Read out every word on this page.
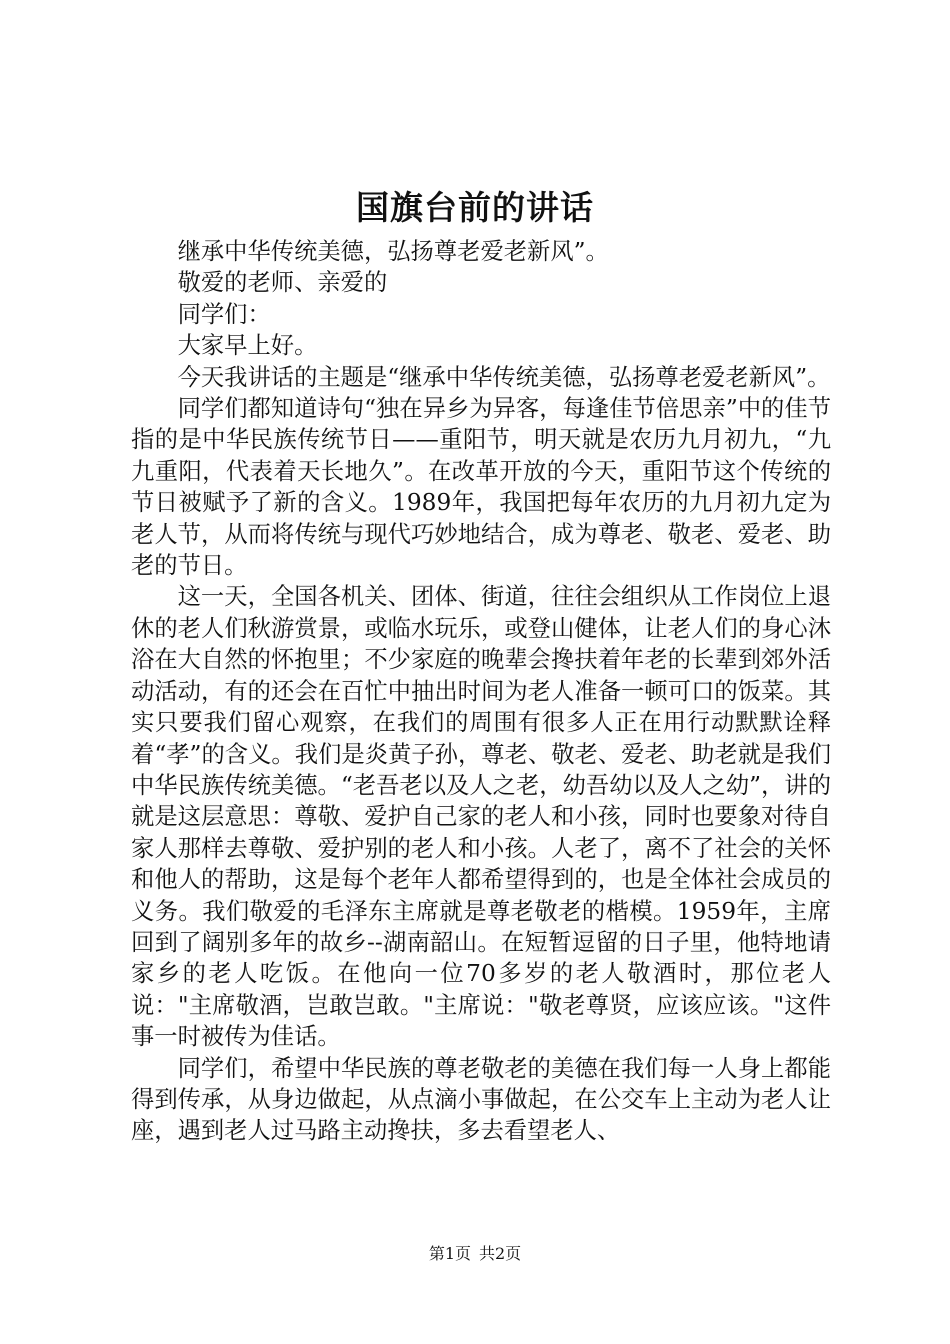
国旗台前的讲话

继承中华传统美德，弘扬尊老爱老新风”。

敬爱的老师、亲爱的

同学们：

大家早上好。

今天我讲话的主题是“继承中华传统美德，弘扬尊老爱老新风”。

同学们都知道诗句“独在异乡为异客，每逢佳节倍思亲”中的佳节指的是中华民族传统节日——重阳节，明天就是农历九月初九，“九九重阳，代表着天长地久”。在改革开放的今天，重阳节这个传统的节日被赋予了新的含义。1989年，我国把每年农历的九月初九定为老人节，从而将传统与现代巧妙地结合，成为尊老、敬老、爱老、助老的节日。

这一天，全国各机关、团体、街道，往往会组织从工作岗位上退休的老人们秋游赏景，或临水玩乐，或登山健体，让老人们的身心沐浴在大自然的怀抱里；不少家庭的晚辈会搀扶着年老的长辈到郊外活动活动，有的还会在百忙中抽出时间为老人准备一顿可口的饭菜。其实只要我们留心观察，在我们的周围有很多人正在用行动默默诠释着“孝”的含义。我们是炎黄子孙，尊老、敬老、爱老、助老就是我们中华民族传统美德。“老吾老以及人之老，幼吾幼以及人之幼”，讲的就是这层意思：尊敬、爱护自己家的老人和小孩，同时也要象对待自家人那样去尊敬、爱护别的老人和小孩。人老了，离不了社会的关怀和他人的帮助，这是每个老年人都希望得到的，也是全体社会成员的义务。我们敬爱的毛泽东主席就是尊老敬老的楷模。1959年，主席回到了阔别多年的故乡--湖南韶山。在短暂逗留的日子里，他特地请家乡的老人吃饭。在他向一位70多岁的老人敬酒时，那位老人说："主席敬酒，岂敢岂敢。"主席说："敬老尊贤，应该应该。"这件事一时被传为佳话。

同学们，希望中华民族的尊老敬老的美德在我们每一人身上都能得到传承，从身边做起，从点滴小事做起，在公交车上主动为老人让座，遇到老人过马路主动搀扶，多去看望老人、

第1页 共2页
